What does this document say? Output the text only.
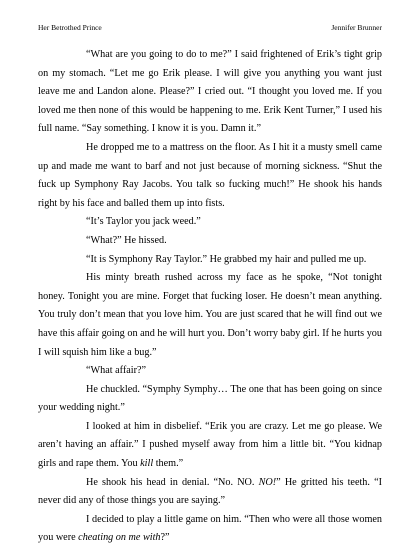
Her Betrothed Prince	Jennifer Brunner

“What are you going to do to me?” I said frightened of Erik’s tight grip on my stomach. “Let me go Erik please. I will give you anything you want just leave me and Landon alone. Please?” I cried out. “I thought you loved me. If you loved me then none of this would be happening to me. Erik Kent Turner,” I used his full name. “Say something. I know it is you. Damn it.”

He dropped me to a mattress on the floor. As I hit it a musty smell came up and made me want to barf and not just because of morning sickness. “Shut the fuck up Symphony Ray Jacobs. You talk so fucking much!” He shook his hands right by his face and balled them up into fists.

“It’s Taylor you jack weed.”

“What?” He hissed.

“It is Symphony Ray Taylor.” He grabbed my hair and pulled me up.

His minty breath rushed across my face as he spoke, “Not tonight honey. Tonight you are mine. Forget that fucking loser. He doesn’t mean anything. You truly don’t mean that you love him. You are just scared that he will find out we have this affair going on and he will hurt you. Don’t worry baby girl. If he hurts you I will squish him like a bug.”

“What affair?”

He chuckled. “Symphy Symphy… The one that has been going on since your wedding night.”

I looked at him in disbelief. “Erik you are crazy. Let me go please. We aren’t having an affair.” I pushed myself away from him a little bit. “You kidnap girls and rape them. You kill them.”

He shook his head in denial. “No. NO. NO!” He gritted his teeth. “I never did any of those things you are saying.”

I decided to play a little game on him. “Then who were all those women you were cheating on me with?”
